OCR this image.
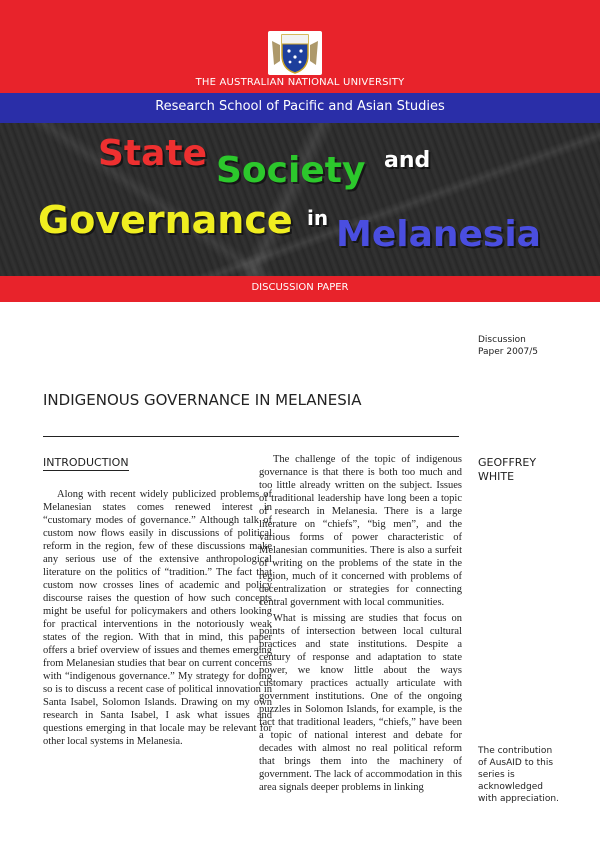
THE AUSTRALIAN NATIONAL UNIVERSITY
Research School of Pacific and Asian Studies
State Society and
Governance in Melanesia
DISCUSSION PAPER
Discussion
Paper 2007/5
INDIGENOUS GOVERNANCE IN MELANESIA
INTRODUCTION	GEOFFREY
WHITE

Along with recent widely publicized problems of Melanesian states comes renewed interest in “customary modes of governance.” Although talk of custom now flows easily in discussions of political reform in the region, few of these discussions make any serious use of the extensive anthropological literature on the politics of “tradition.” The fact that custom now crosses lines of academic and policy discourse raises the question of how such concepts might be useful for policymakers and others looking for practical interventions in the notoriously weak states of the region. With that in mind, this paper offers a brief overview of issues and themes emerging from Melanesian studies that bear on current concerns with “indigenous governance.” My strategy for doing so is to discuss a recent case of political innovation in Santa Isabel, Solomon Islands. Drawing on my own research in Santa Isabel, I ask what issues and questions emerging in that locale may be relevant for other local systems in Melanesia.

The challenge of the topic of indigenous governance is that there is both too much and too little already written on the subject. Issues of traditional leadership have long been a topic of research in Melanesia. There is a large literature on “chiefs”, “big men”, and the various forms of power characteristic of Melanesian communities. There is also a surfeit of writing on the problems of the state in the region, much of it concerned with problems of decentralization or strategies for connecting central government with local communities.

What is missing are studies that focus on points of intersection between local cultural practices and state institutions. Despite a century of response and adaptation to state power, we know little about the ways customary practices actually articulate with government institutions. One of the ongoing puzzles in Solomon Islands, for example, is the fact that traditional leaders, “chiefs,” have been a topic of national interest and debate for decades with almost no real political reform that brings them into the machinery of government. The lack of accommodation in this area signals deeper problems in linking

The contribution of AusAID to this series is acknowledged with appreciation.
